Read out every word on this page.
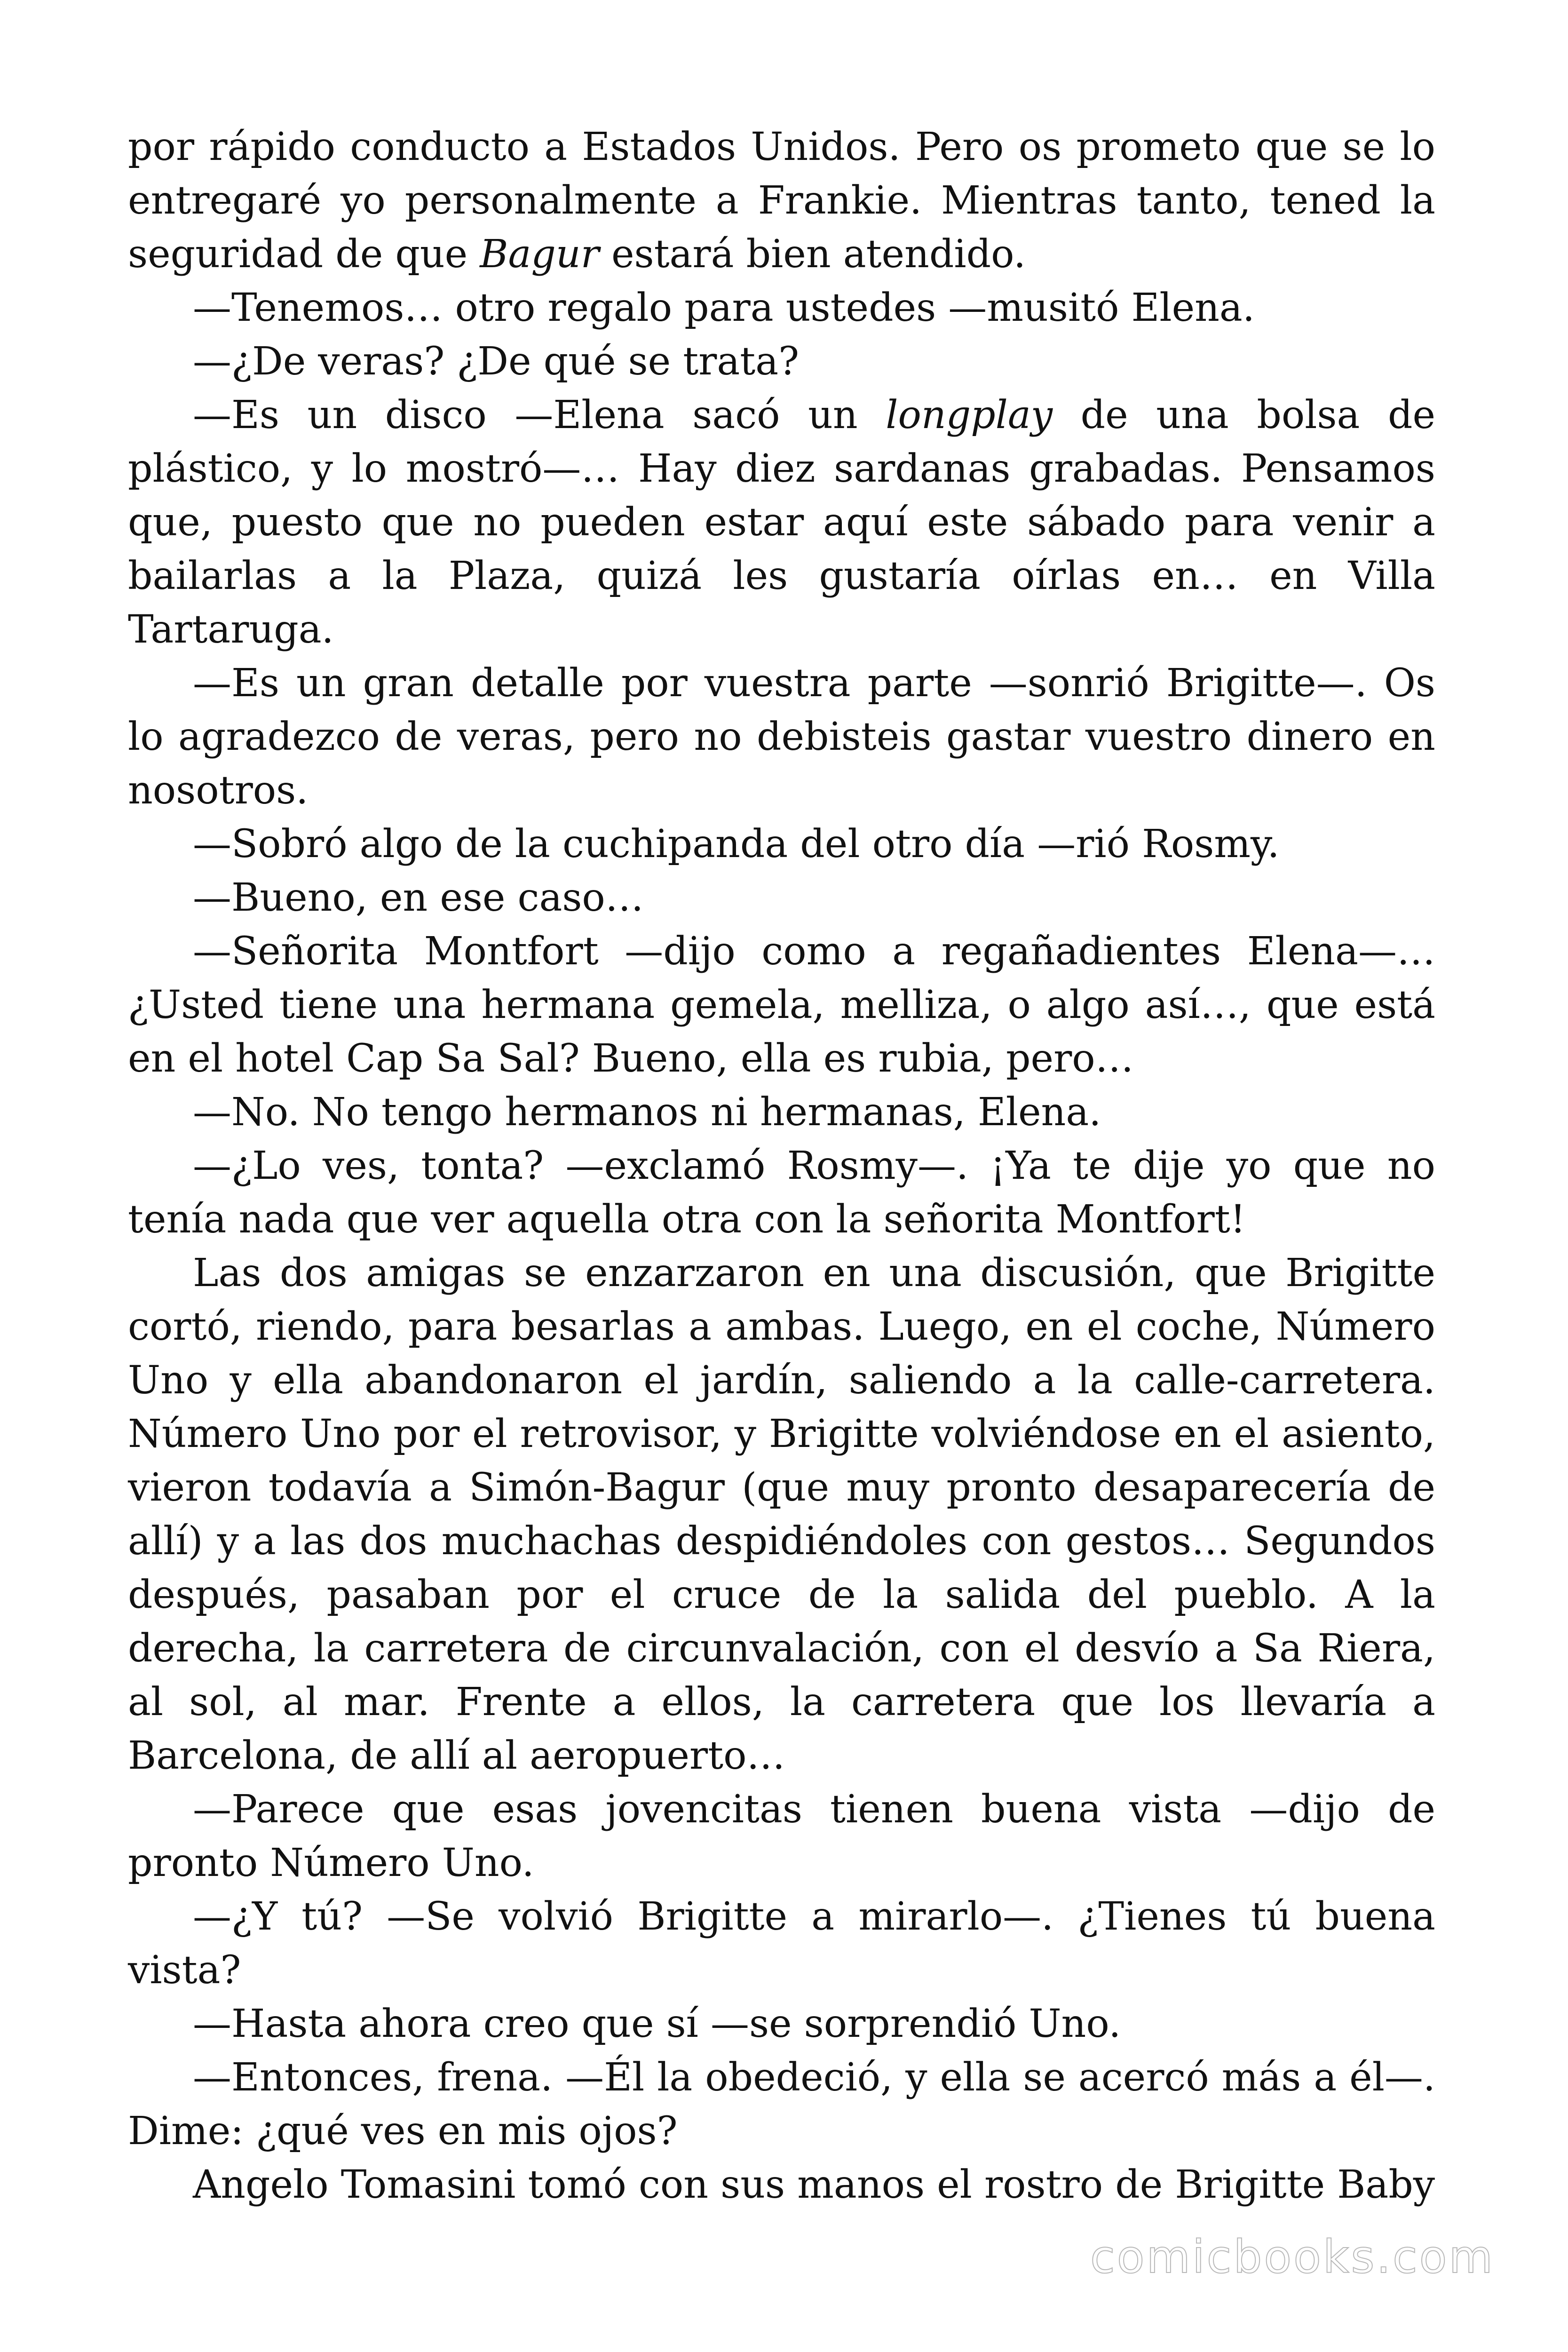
por rápido conducto a Estados Unidos. Pero os prometo que se lo entregaré yo personalmente a Frankie. Mientras tanto, tened la seguridad de que Bagur estará bien atendido.

—Tenemos… otro regalo para ustedes —musitó Elena.

—¿De veras? ¿De qué se trata?

—Es un disco —Elena sacó un longplay de una bolsa de plástico, y lo mostró—… Hay diez sardanas grabadas. Pensamos que, puesto que no pueden estar aquí este sábado para venir a bailarlas a la Plaza, quizá les gustaría oírlas en… en Villa Tartaruga.

—Es un gran detalle por vuestra parte —sonrió Brigitte—. Os lo agradezco de veras, pero no debisteis gastar vuestro dinero en nosotros.

—Sobró algo de la cuchipanda del otro día —rió Rosmy.

—Bueno, en ese caso…

—Señorita Montfort —dijo como a regañadientes Elena—… ¿Usted tiene una hermana gemela, melliza, o algo así…, que está en el hotel Cap Sa Sal? Bueno, ella es rubia, pero…

—No. No tengo hermanos ni hermanas, Elena.

—¿Lo ves, tonta? —exclamó Rosmy—. ¡Ya te dije yo que no tenía nada que ver aquella otra con la señorita Montfort!

Las dos amigas se enzarzaron en una discusión, que Brigitte cortó, riendo, para besarlas a ambas. Luego, en el coche, Número Uno y ella abandonaron el jardín, saliendo a la calle-carretera. Número Uno por el retrovisor, y Brigitte volviéndose en el asiento, vieron todavía a Simón-Bagur (que muy pronto desaparecería de allí) y a las dos muchachas despidiéndoles con gestos… Segundos después, pasaban por el cruce de la salida del pueblo. A la derecha, la carretera de circunvalación, con el desvío a Sa Riera, al sol, al mar. Frente a ellos, la carretera que los llevaría a Barcelona, de allí al aeropuerto…

—Parece que esas jovencitas tienen buena vista —dijo de pronto Número Uno.

—¿Y tú? —Se volvió Brigitte a mirarlo—. ¿Tienes tú buena vista?

—Hasta ahora creo que sí —se sorprendió Uno.

—Entonces, frena. —Él la obedeció, y ella se acercó más a él—. Dime: ¿qué ves en mis ojos?

Angelo Tomasini tomó con sus manos el rostro de Brigitte Baby

comicbooks.com
